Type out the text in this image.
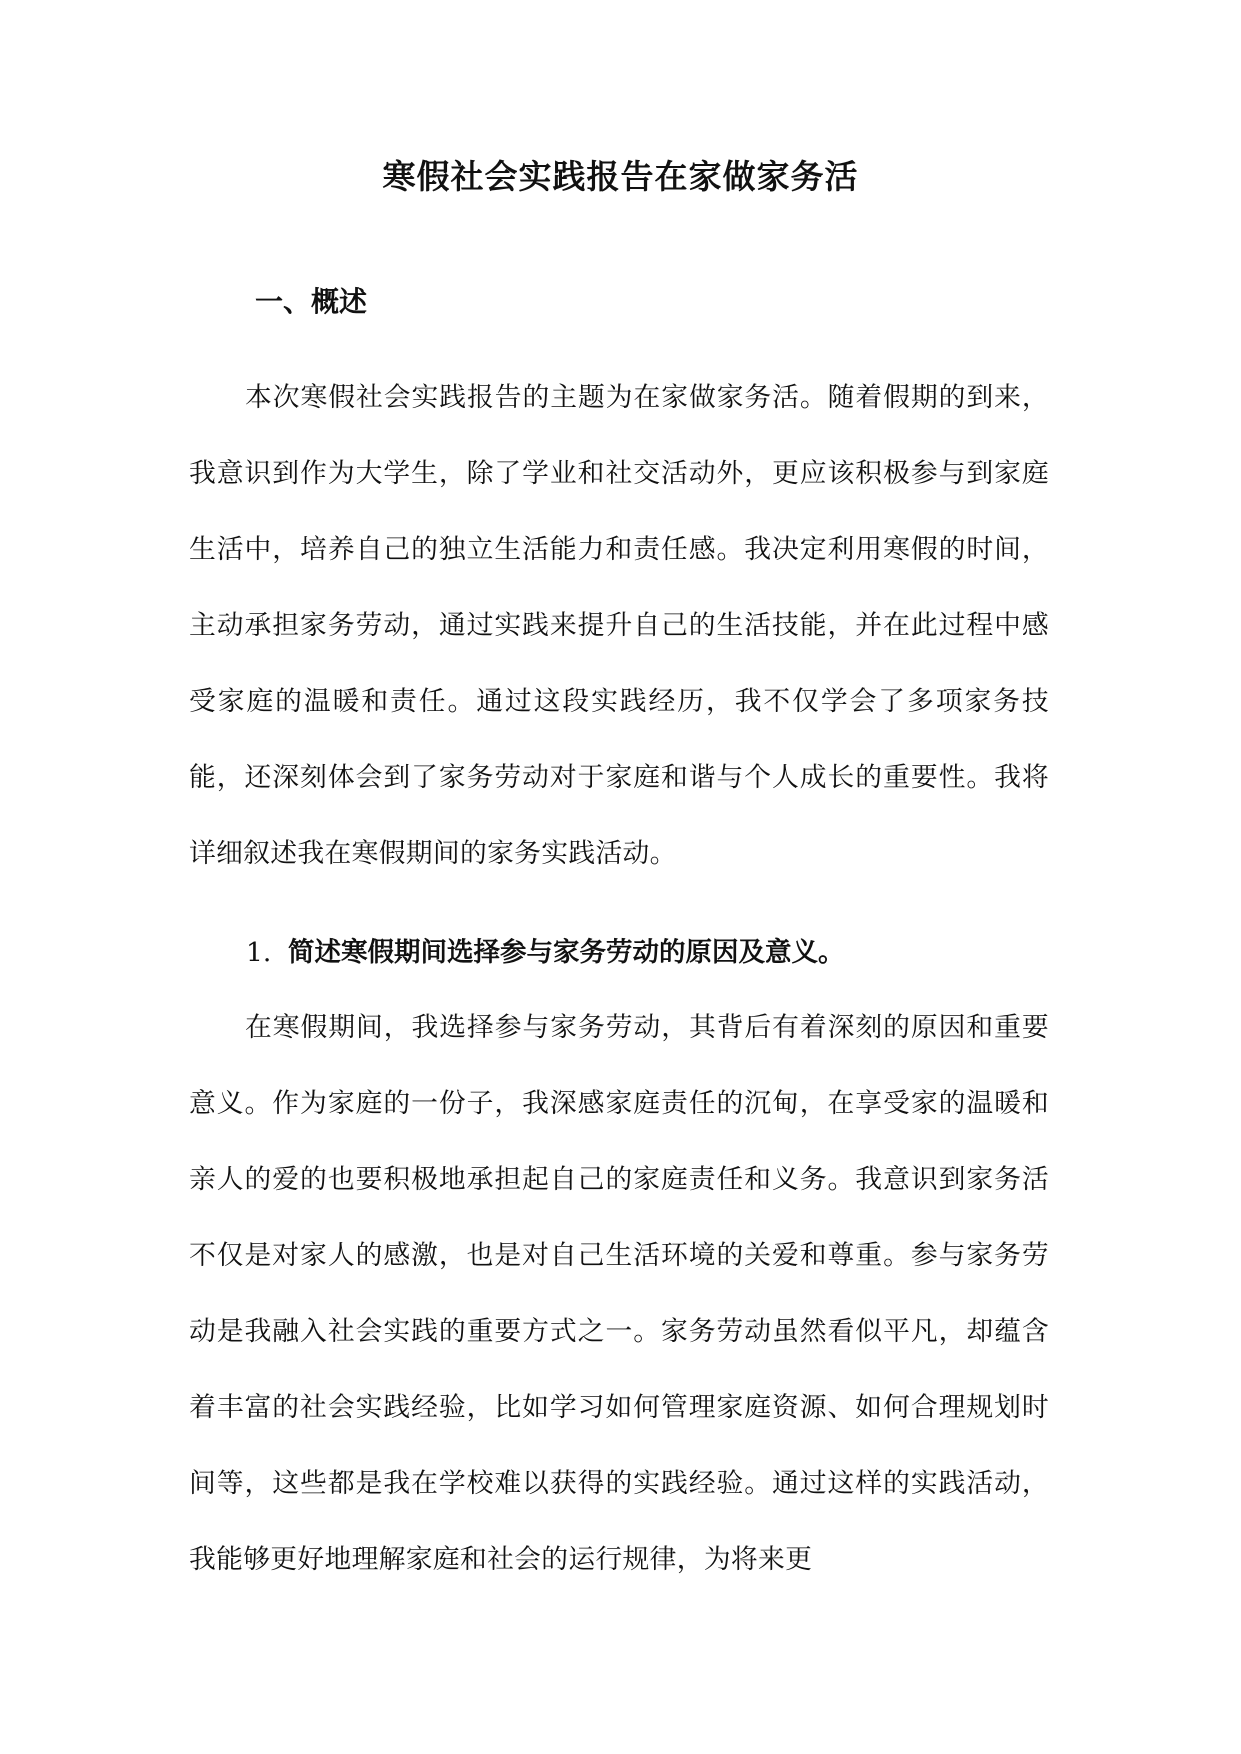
寒假社会实践报告在家做家务活
一、概述

本次寒假社会实践报告的主题为在家做家务活。随着假期的到来，我意识到作为大学生，除了学业和社交活动外，更应该积极参与到家庭生活中，培养自己的独立生活能力和责任感。我决定利用寒假的时间，主动承担家务劳动，通过实践来提升自己的生活技能，并在此过程中感受家庭的温暖和责任。通过这段实践经历，我不仅学会了多项家务技能，还深刻体会到了家务劳动对于家庭和谐与个人成长的重要性。我将详细叙述我在寒假期间的家务实践活动。

1. 简述寒假期间选择参与家务劳动的原因及意义。

在寒假期间，我选择参与家务劳动，其背后有着深刻的原因和重要意义。作为家庭的一份子，我深感家庭责任的沉甸，在享受家的温暖和亲人的爱的也要积极地承担起自己的家庭责任和义务。我意识到家务活不仅是对家人的感激，也是对自己生活环境的关爱和尊重。参与家务劳动是我融入社会实践的重要方式之一。家务劳动虽然看似平凡，却蕴含着丰富的社会实践经验，比如学习如何管理家庭资源、如何合理规划时间等，这些都是我在学校难以获得的实践经验。通过这样的实践活动，我能够更好地理解家庭和社会的运行规律，为将来更
